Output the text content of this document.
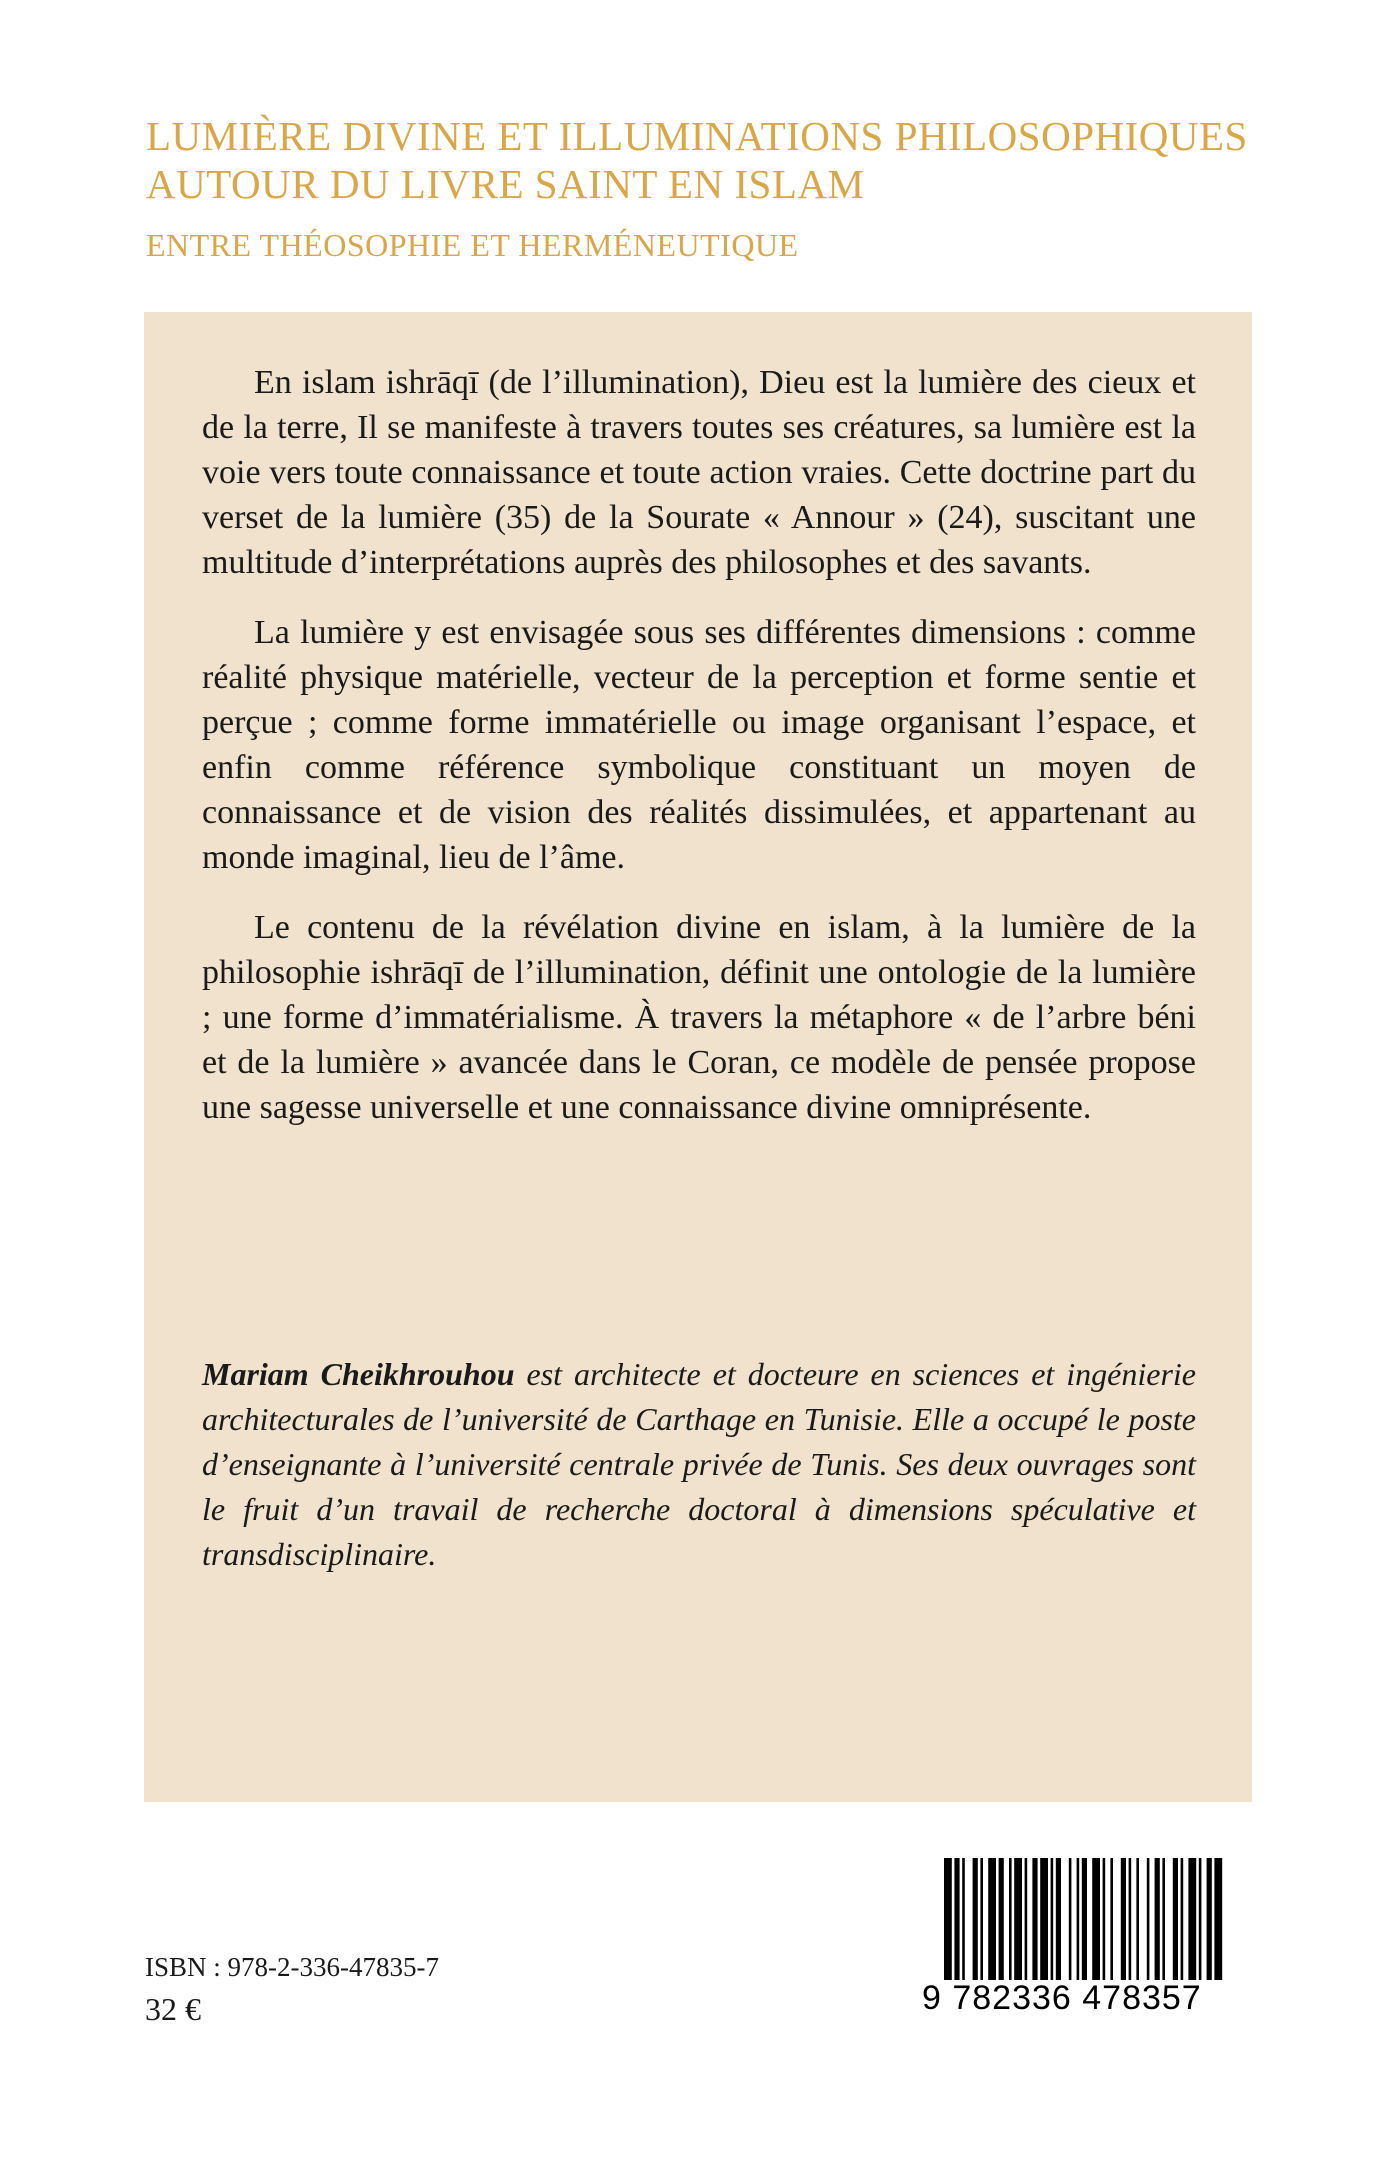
LUMIÈRE DIVINE ET ILLUMINATIONS PHILOSOPHIQUES
AUTOUR DU LIVRE SAINT EN ISLAM
ENTRE THÉOSOPHIE ET HERMÉNEUTIQUE

En islam ishrāqī (de l’illumination), Dieu est la lumière des cieux et de la terre, Il se manifeste à travers toutes ses créatures, sa lumière est la voie vers toute connaissance et toute action vraies. Cette doctrine part du verset de la lumière (35) de la Sourate « Annour » (24), suscitant une multitude d’interprétations auprès des philosophes et des savants.

La lumière y est envisagée sous ses différentes dimensions : comme réalité physique matérielle, vecteur de la perception et forme sentie et perçue ; comme forme immatérielle ou image organisant l’espace, et enfin comme référence symbolique constituant un moyen de connaissance et de vision des réalités dissimulées, et appartenant au monde imaginal, lieu de l’âme.

Le contenu de la révélation divine en islam, à la lumière de la philosophie ishrāqī de l’illumination, définit une ontologie de la lumière ; une forme d’immatérialisme. À travers la métaphore « de l’arbre béni et de la lumière » avancée dans le Coran, ce modèle de pensée propose une sagesse universelle et une connaissance divine omniprésente.

Mariam Cheikhrouhou est architecte et docteure en sciences et ingénierie architecturales de l’université de Carthage en Tunisie. Elle a occupé le poste d’enseignante à l’université centrale privée de Tunis. Ses deux ouvrages sont le fruit d’un travail de recherche doctoral à dimensions spéculative et transdisciplinaire.
ISBN : 978-2-336-47835-7
32 €	9 782336 478357
